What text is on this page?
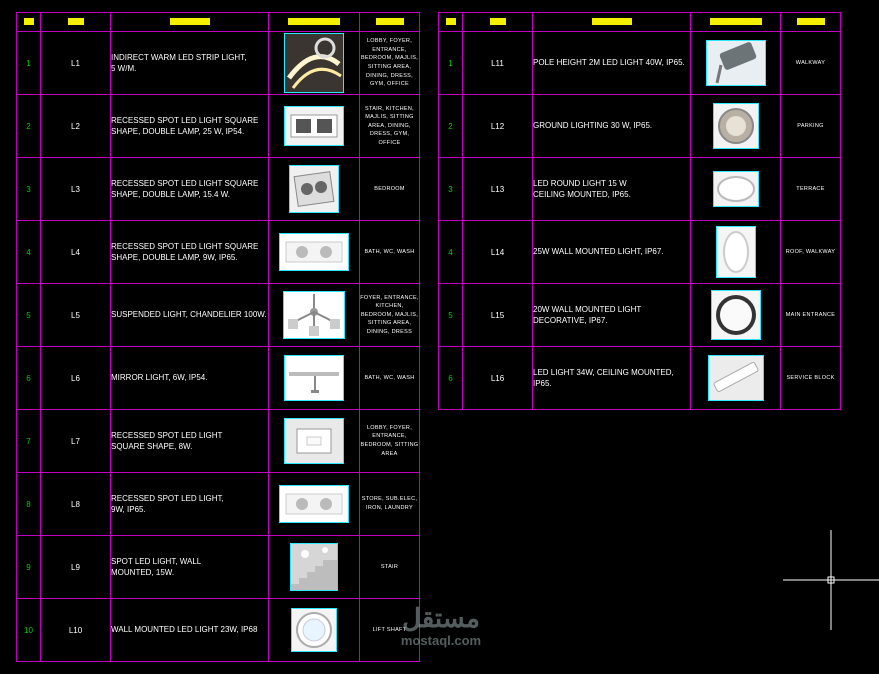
1	L1	INDIRECT WARM LED STRIP LIGHT,
5 W/M.		LOBBY, FOYER, ENTRANCE, BEDROOM, MAJLIS, SITTING AREA, DINING, DRESS, GYM, OFFICE
2	L2	RECESSED SPOT LED LIGHT SQUARE
SHAPE, DOUBLE LAMP, 25 W, IP54.		STAIR, KITCHEN, MAJLIS, SITTING AREA, DINING, DRESS, GYM, OFFICE
3	L3	RECESSED SPOT LED LIGHT SQUARE
SHAPE, DOUBLE LAMP, 15.4 W.		BEDROOM
4	L4	RECESSED SPOT LED LIGHT SQUARE
SHAPE, DOUBLE LAMP, 9W, IP65.		BATH, WC, WASH
5	L5	SUSPENDED LIGHT, CHANDELIER 100W.		FOYER, ENTRANCE, KITCHEN, BEDROOM, MAJLIS, SITTING AREA, DINING, DRESS
6	L6	MIRROR LIGHT, 6W, IP54.		BATH, WC, WASH
7	L7	RECESSED SPOT LED LIGHT
SQUARE SHAPE, 8W.		LOBBY, FOYER, ENTRANCE, BEDROOM, SITTING AREA
8	L8	RECESSED SPOT LED LIGHT,
9W, IP65.		STORE, SUB.ELEC, IRON, LAUNDRY
9	L9	SPOT LED LIGHT, WALL
MOUNTED, 15W.		STAIR
10	L10	WALL MOUNTED LED LIGHT 23W, IP68		LIFT SHAFT

1	L11	POLE HEIGHT 2M LED LIGHT 40W, IP65.		WALKWAY
2	L12	GROUND LIGHTING 30 W, IP65.		PARKING
3	L13	LED ROUND LIGHT 15 W
CEILING MOUNTED, IP65.		TERRACE
4	L14	25W WALL MOUNTED LIGHT, IP67.		ROOF, WALKWAY
5	L15	20W WALL MOUNTED LIGHT
DECORATIVE, IP67.		MAIN ENTRANCE
6	L16	LED LIGHT 34W, CEILING MOUNTED, IP65.		SERVICE BLOCK
مستقل
mostaql.com
